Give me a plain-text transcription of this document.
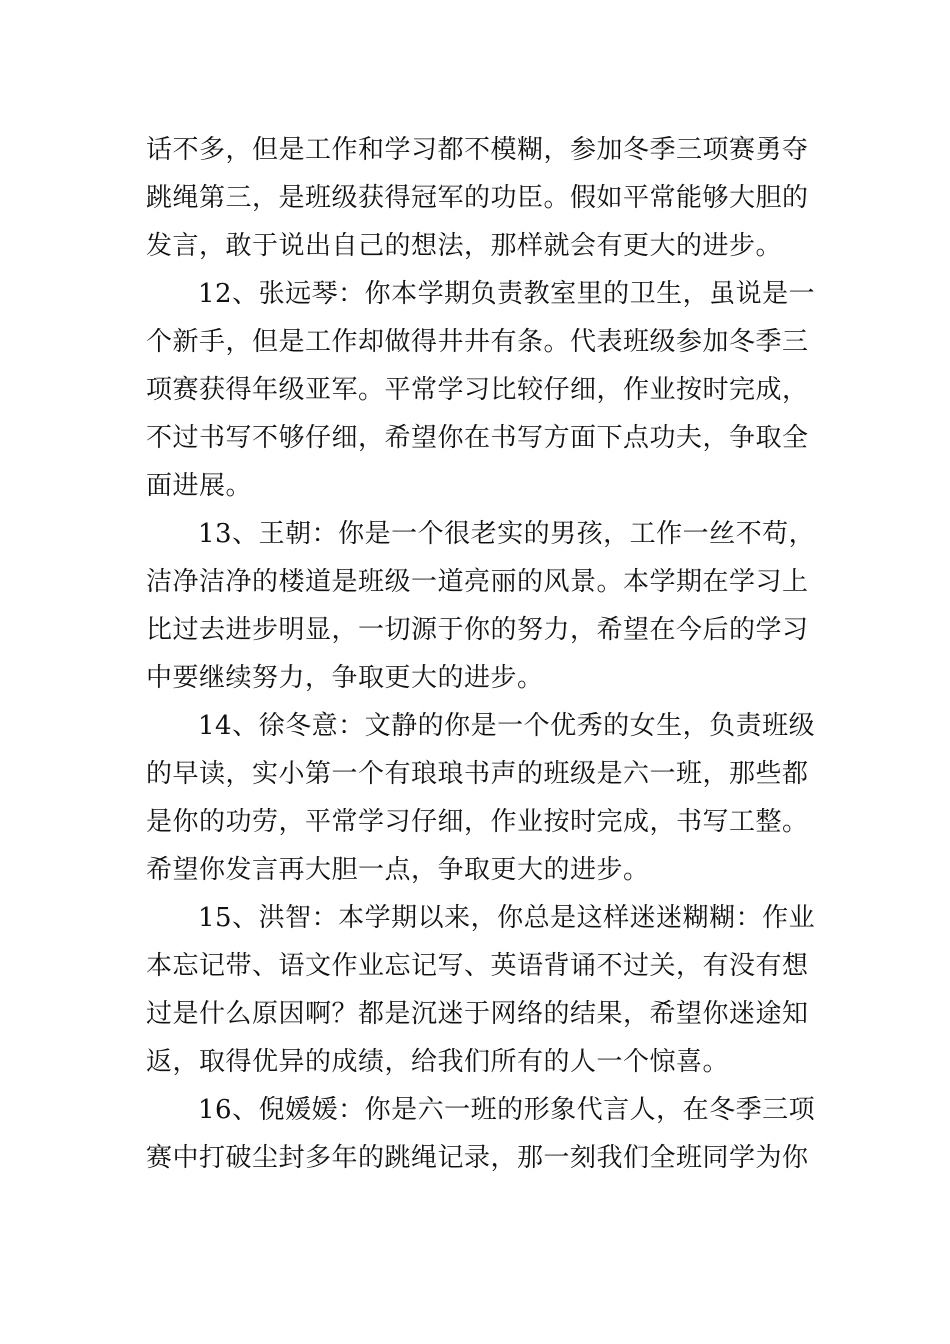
话不多，但是工作和学习都不模糊，参加冬季三项赛勇夺
跳绳第三，是班级获得冠军的功臣。假如平常能够大胆的
发言，敢于说出自己的想法，那样就会有更大的进步。
12、张远琴：你本学期负责教室里的卫生，虽说是一
个新手，但是工作却做得井井有条。代表班级参加冬季三
项赛获得年级亚军。平常学习比较仔细，作业按时完成，
不过书写不够仔细，希望你在书写方面下点功夫，争取全
面进展。
13、王朝：你是一个很老实的男孩，工作一丝不苟，
洁净洁净的楼道是班级一道亮丽的风景。本学期在学习上
比过去进步明显，一切源于你的努力，希望在今后的学习
中要继续努力，争取更大的进步。
14、徐冬意：文静的你是一个优秀的女生，负责班级
的早读，实小第一个有琅琅书声的班级是六一班，那些都
是你的功劳，平常学习仔细，作业按时完成，书写工整。
希望你发言再大胆一点，争取更大的进步。
15、洪智：本学期以来，你总是这样迷迷糊糊：作业
本忘记带、语文作业忘记写、英语背诵不过关，有没有想
过是什么原因啊？都是沉迷于网络的结果，希望你迷途知
返，取得优异的成绩，给我们所有的人一个惊喜。
16、倪媛媛：你是六一班的形象代言人，在冬季三项
赛中打破尘封多年的跳绳记录，那一刻我们全班同学为你
